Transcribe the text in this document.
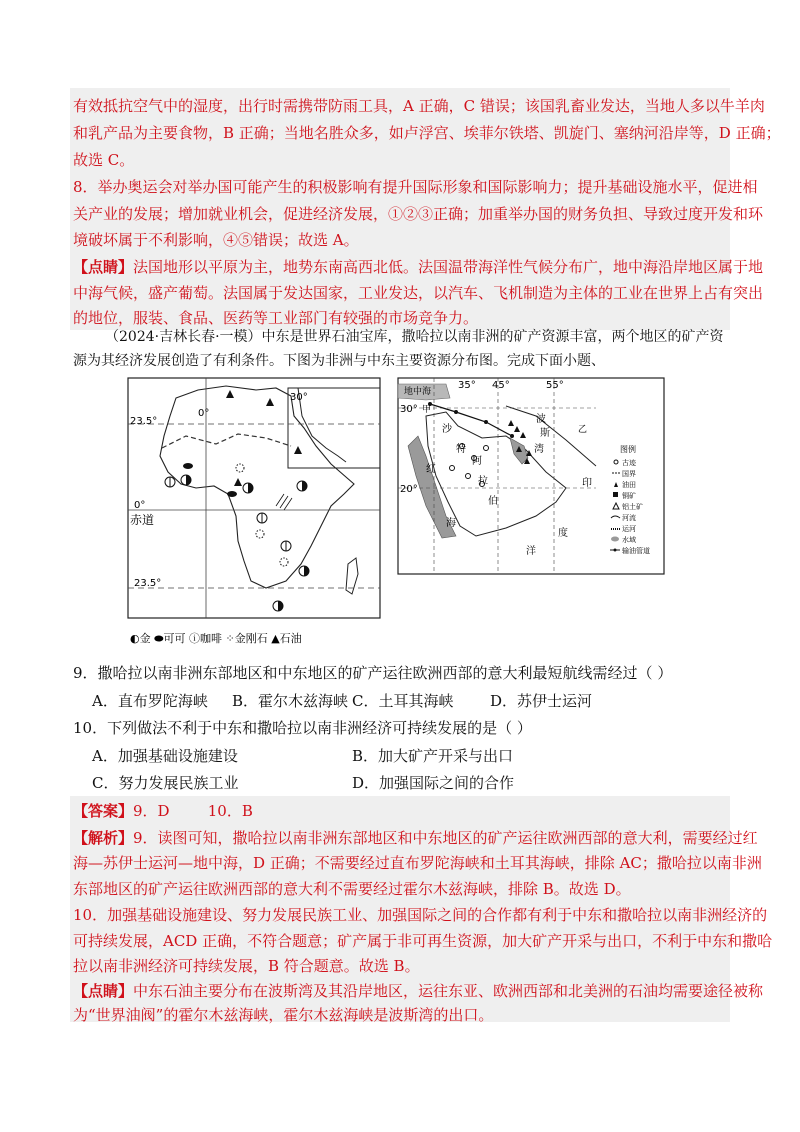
有效抵抗空气中的湿度，出行时需携带防雨工具，A 正确，C 错误；该国乳畜业发达，当地人多以牛羊肉
和乳产品为主要食物，B 正确；当地名胜众多，如卢浮宫、埃菲尔铁塔、凯旋门、塞纳河沿岸等，D 正确；
故选 C。
8．举办奥运会对举办国可能产生的积极影响有提升国际形象和国际影响力；提升基础设施水平，促进相
关产业的发展；增加就业机会，促进经济发展，①②③正确；加重举办国的财务负担、导致过度开发和环
境破坏属于不利影响，④⑤错误；故选 A。
【点睛】法国地形以平原为主，地势东南高西北低。法国温带海洋性气候分布广，地中海沿岸地区属于地
中海气候，盛产葡萄。法国属于发达国家，工业发达，以汽车、飞机制造为主体的工业在世界上占有突出
的地位，服装、食品、医药等工业部门有较强的市场竞争力。
（2024·吉林长春·一模）中东是世界石油宝库，撒哈拉以南非洲的矿产资源丰富，两个地区的矿产资
源为其经济发展创造了有利条件。下图为非洲与中东主要资源分布图。完成下面小题、
23.5°
0°
0°
赤道
23.5°
30°
◐金 ⬬可可 ⓘ咖啡 ⁘金刚石 ▲石油
35° 45°	55°
30°
20°
地中海
甲
乙
沙
特
阿
拉
伯
红
海
波
斯
湾
印
度
洋
图例
古迹
国界
油田
铜矿
铝土矿
河流
运河
水域
输油管道
9．撒哈拉以南非洲东部地区和中东地区的矿产运往欧洲西部的意大利最短航线需经过（ ）
A．直布罗陀海峡 B．霍尔木兹海峡 C．土耳其海峡 D．苏伊士运河
10．下列做法不利于中东和撒哈拉以南非洲经济可持续发展的是（ ）
A．加强基础设施建设	B．加大矿产开采与出口
C．努力发展民族工业	D．加强国际之间的合作
【答案】9．D        10．B
【解析】9．读图可知，撒哈拉以南非洲东部地区和中东地区的矿产运往欧洲西部的意大利，需要经过红
海—苏伊士运河—地中海，D 正确；不需要经过直布罗陀海峡和土耳其海峡，排除 AC；撒哈拉以南非洲
东部地区的矿产运往欧洲西部的意大利不需要经过霍尔木兹海峡，排除 B。故选 D。
10．加强基础设施建设、努力发展民族工业、加强国际之间的合作都有利于中东和撒哈拉以南非洲经济的
可持续发展，ACD 正确，不符合题意；矿产属于非可再生资源，加大矿产开采与出口，不利于中东和撒哈
拉以南非洲经济可持续发展，B 符合题意。故选 B。
【点睛】中东石油主要分布在波斯湾及其沿岸地区，运往东亚、欧洲西部和北美洲的石油均需要途径被称
为“世界油阀”的霍尔木兹海峡，霍尔木兹海峡是波斯湾的出口。
